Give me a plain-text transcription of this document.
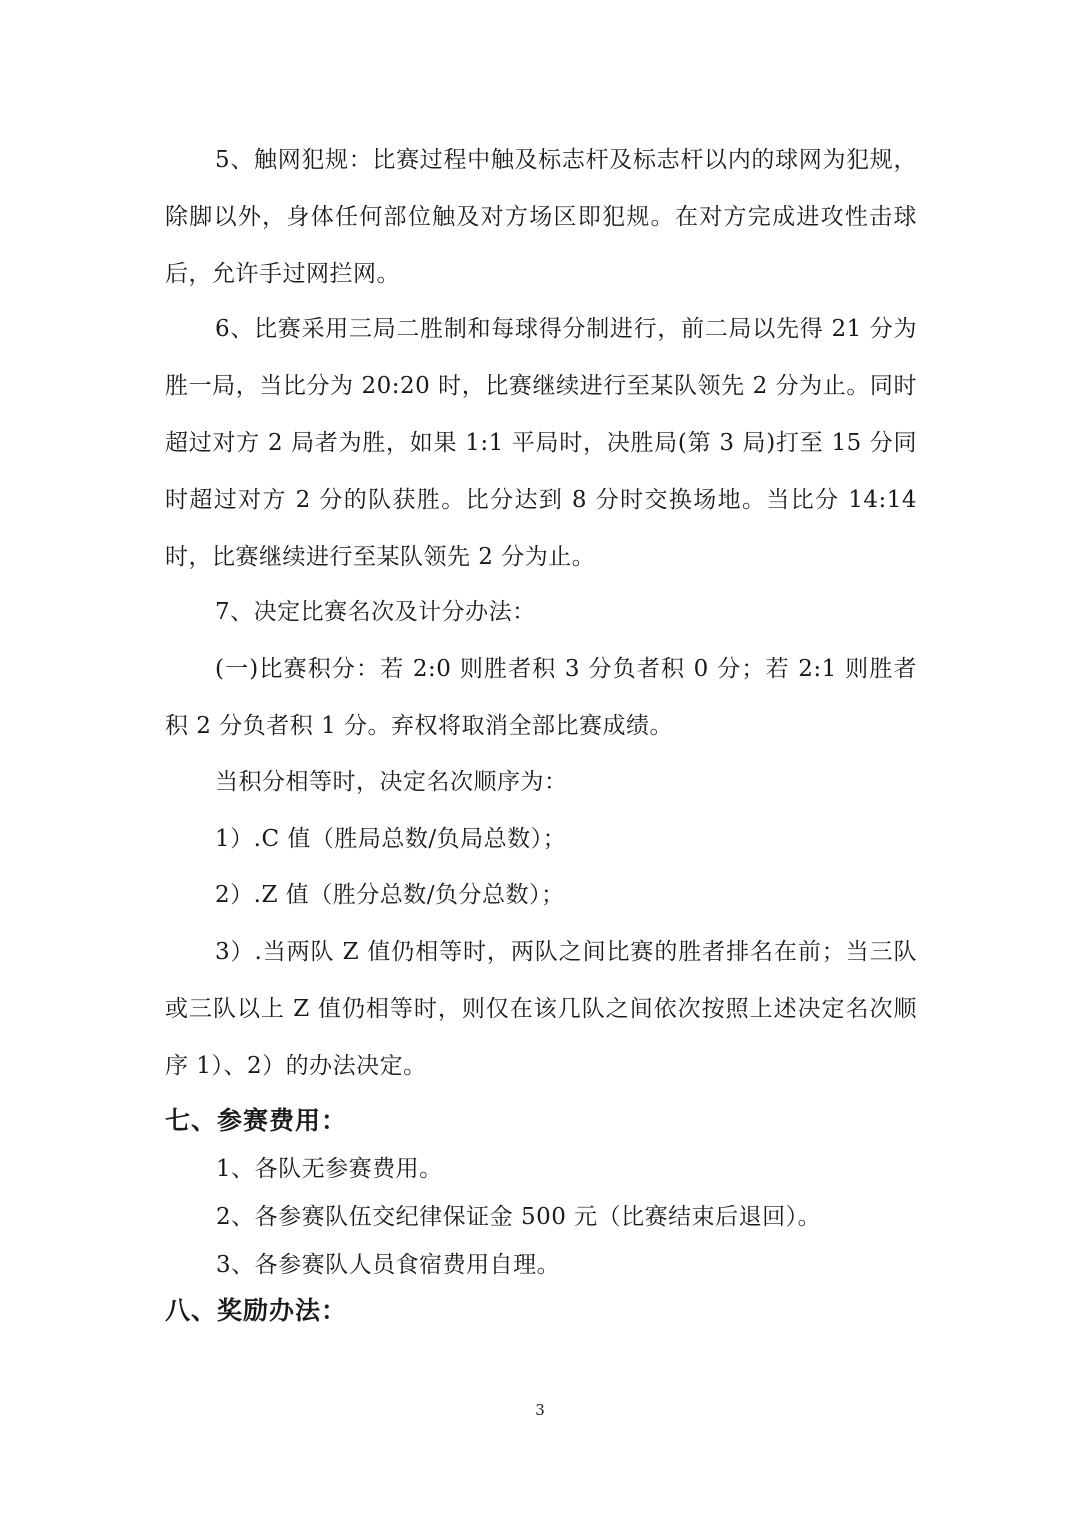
5、触网犯规：比赛过程中触及标志杆及标志杆以内的球网为犯规，除脚以外，身体任何部位触及对方场区即犯规。在对方完成进攻性击球后，允许手过网拦网。

6、比赛采用三局二胜制和每球得分制进行，前二局以先得 21 分为胜一局，当比分为 20:20 时，比赛继续进行至某队领先 2 分为止。同时超过对方 2 局者为胜，如果 1:1 平局时，决胜局(第 3 局)打至 15 分同时超过对方 2 分的队获胜。比分达到 8 分时交换场地。当比分 14:14 时，比赛继续进行至某队领先 2 分为止。

7、决定比赛名次及计分办法：

(一)比赛积分：若 2:0 则胜者积 3 分负者积 0 分；若 2:1 则胜者积 2 分负者积 1 分。弃权将取消全部比赛成绩。

当积分相等时，决定名次顺序为：

1）.C 值（胜局总数/负局总数）；

2）.Z 值（胜分总数/负分总数）；

3）.当两队 Z 值仍相等时，两队之间比赛的胜者排名在前；当三队或三队以上 Z 值仍相等时，则仅在该几队之间依次按照上述决定名次顺序 1）、2）的办法决定。

七、参赛费用：

1、各队无参赛费用。

2、各参赛队伍交纪律保证金 500 元（比赛结束后退回）。

3、各参赛队人员食宿费用自理。

八、奖励办法：
3
